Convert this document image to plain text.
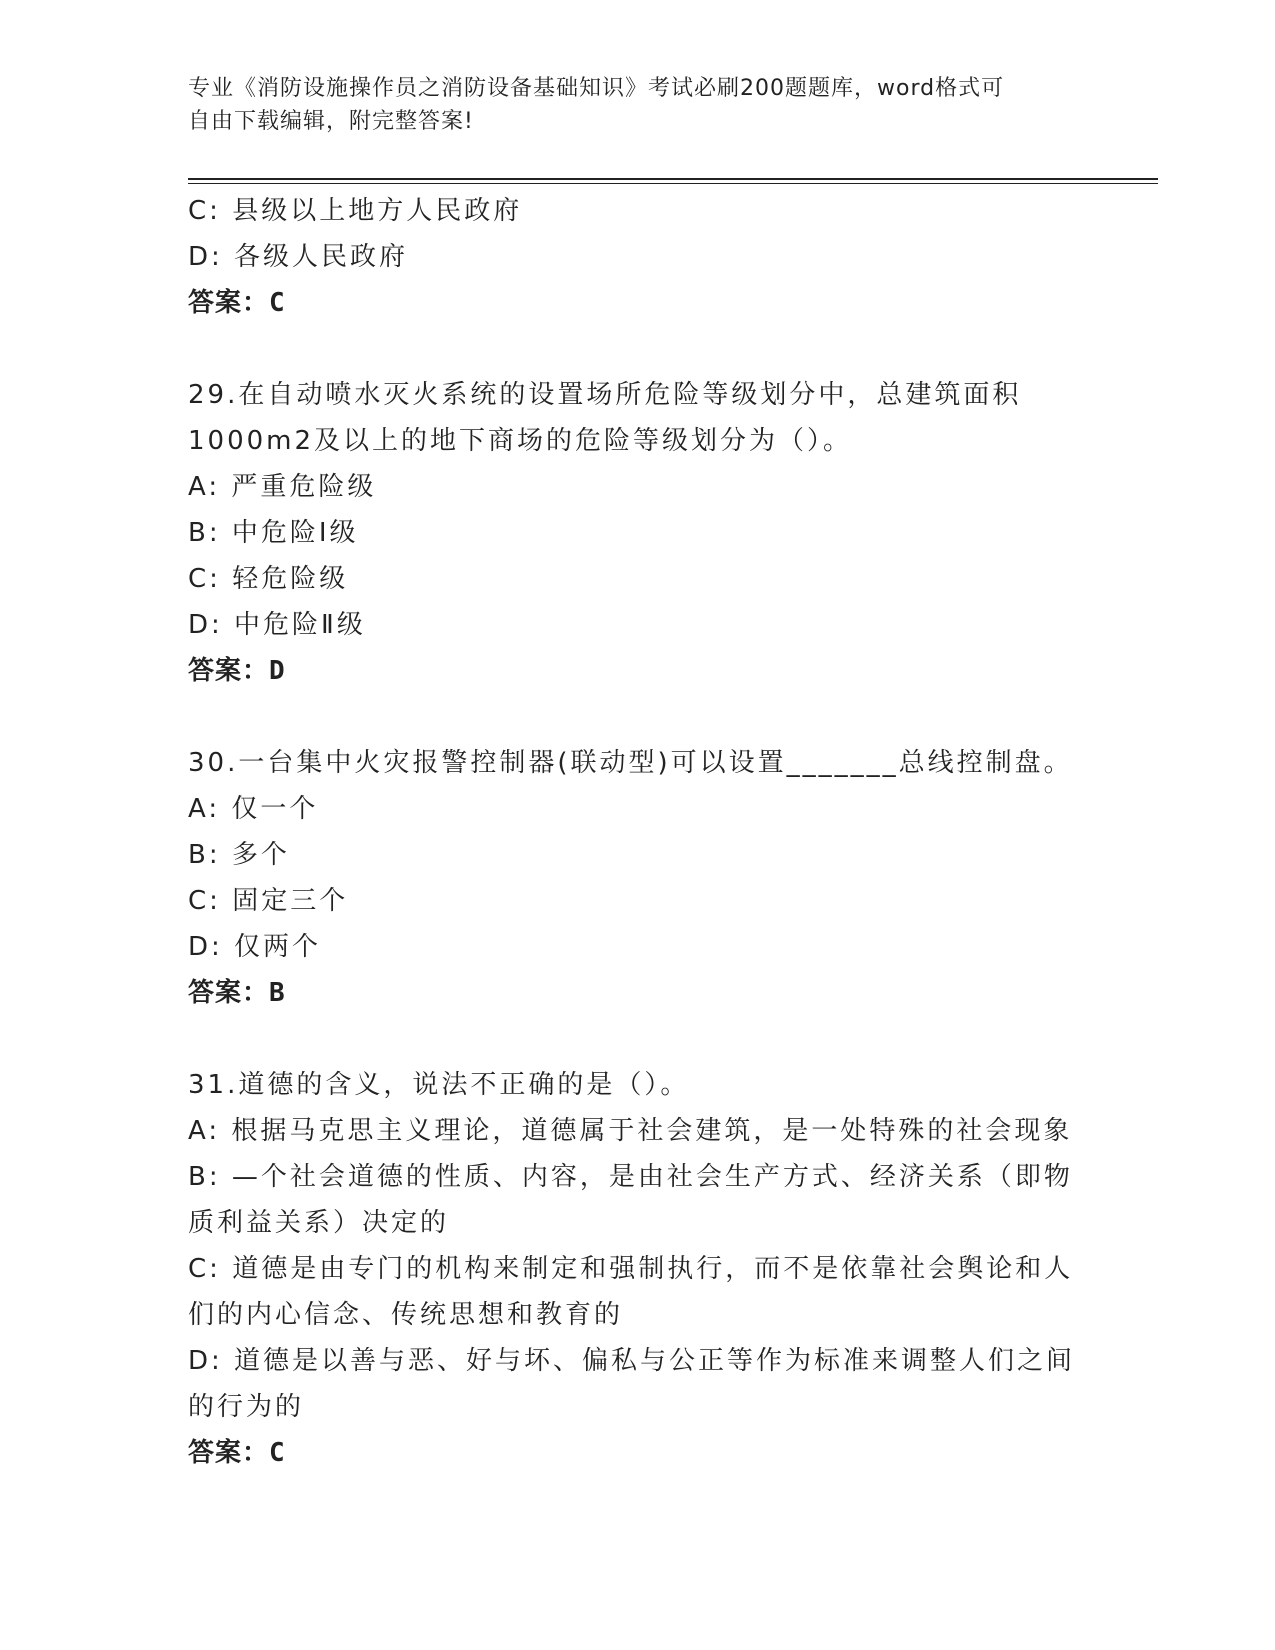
专业《消防设施操作员之消防设备基础知识》考试必刷200题题库，word格式可
自由下载编辑，附完整答案!

C: 县级以上地方人民政府

D: 各级人民政府

答案：C

29.在自动喷水灭火系统的设置场所危险等级划分中，总建筑面积

1000m2及以上的地下商场的危险等级划分为（）。

A: 严重危险级

B: 中危险Ⅰ级

C: 轻危险级

D: 中危险Ⅱ级

答案：D

30.一台集中火灾报警控制器(联动型)可以设置_______总线控制盘。

A: 仅一个

B: 多个

C: 固定三个

D: 仅两个

答案：B

31.道德的含义，说法不正确的是（）。

A: 根据马克思主义理论，道德属于社会建筑，是一处特殊的社会现象

B: —个社会道德的性质、内容，是由社会生产方式、经济关系（即物质利益关系）决定的

C: 道德是由专门的机构来制定和强制执行，而不是依靠社会舆论和人们的内心信念、传统思想和教育的

D: 道德是以善与恶、好与坏、偏私与公正等作为标准来调整人们之间的行为的

答案：C
